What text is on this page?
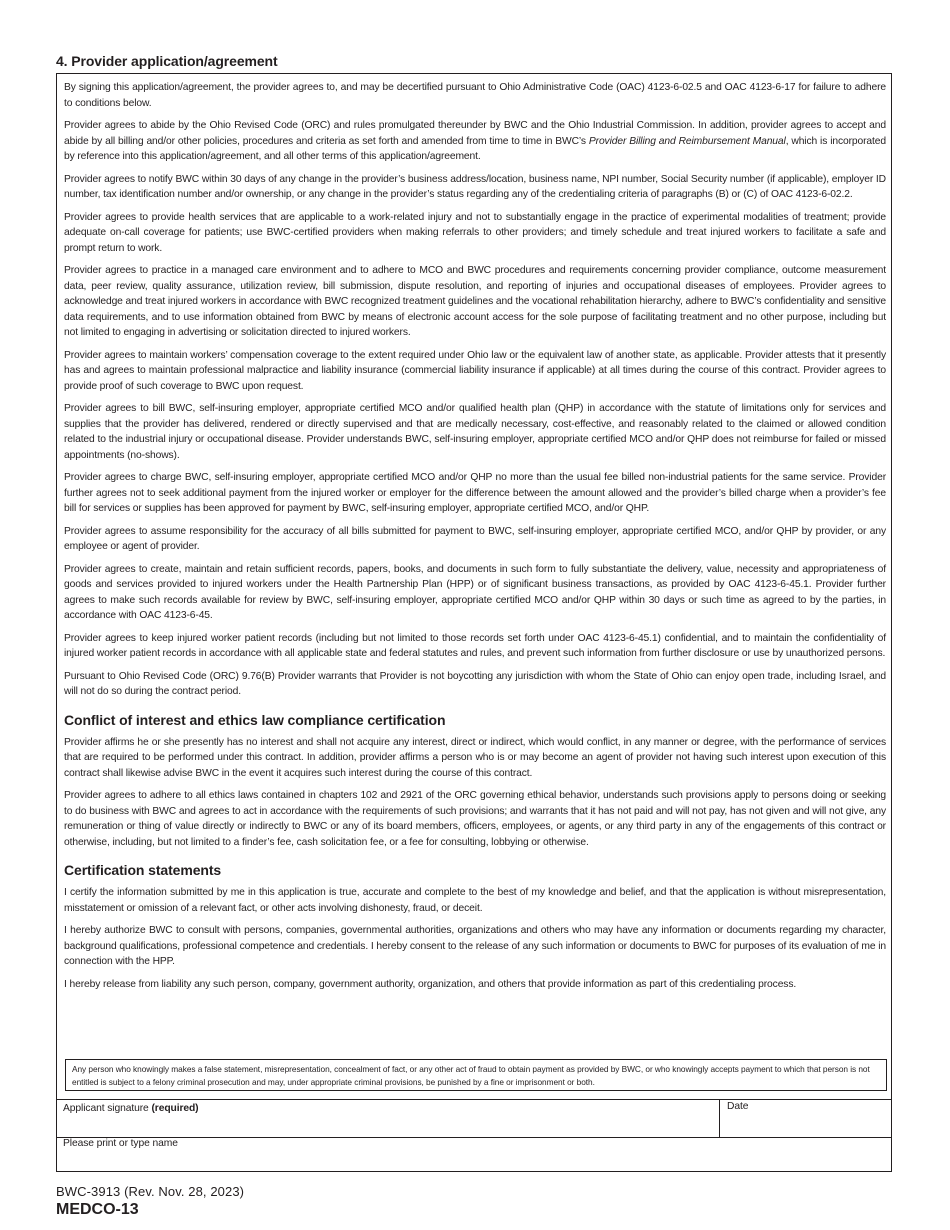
4. Provider application/agreement

By signing this application/agreement, the provider agrees to, and may be decertified pursuant to Ohio Administrative Code (OAC) 4123-6-02.5 and OAC 4123-6-17 for failure to adhere to conditions below.

Provider agrees to abide by the Ohio Revised Code (ORC) and rules promulgated thereunder by BWC and the Ohio Industrial Commission. In addition, provider agrees to accept and abide by all billing and/or other policies, procedures and criteria as set forth and amended from time to time in BWC’s Provider Billing and Reimbursement Manual, which is incorporated by reference into this application/agreement, and all other terms of this application/agreement.

Provider agrees to notify BWC within 30 days of any change in the provider’s business address/location, business name, NPI number, Social Security number (if applicable), employer ID number, tax identification number and/or ownership, or any change in the provider’s status regarding any of the credentialing criteria of paragraphs (B) or (C) of OAC 4123-6-02.2.

Provider agrees to provide health services that are applicable to a work-related injury and not to substantially engage in the practice of experimental modalities of treatment; provide adequate on-call coverage for patients; use BWC-certified providers when making referrals to other providers; and timely schedule and treat injured workers to facilitate a safe and prompt return to work.

Provider agrees to practice in a managed care environment and to adhere to MCO and BWC procedures and requirements concerning provider compliance, outcome measurement data, peer review, quality assurance, utilization review, bill submission, dispute resolution, and reporting of injuries and occupational diseases of employees. Provider agrees to acknowledge and treat injured workers in accordance with BWC recognized treatment guidelines and the vocational rehabilitation hierarchy, adhere to BWC’s confidentiality and sensitive data requirements, and to use information obtained from BWC by means of electronic account access for the sole purpose of facilitating treatment and no other purpose, including but not limited to engaging in advertising or solicitation directed to injured workers.

Provider agrees to maintain workers’ compensation coverage to the extent required under Ohio law or the equivalent law of another state, as applicable. Provider attests that it presently has and agrees to maintain professional malpractice and liability insurance (commercial liability insurance if applicable) at all times during the course of this contract. Provider agrees to provide proof of such coverage to BWC upon request.

Provider agrees to bill BWC, self-insuring employer, appropriate certified MCO and/or qualified health plan (QHP) in accordance with the statute of limitations only for services and supplies that the provider has delivered, rendered or directly supervised and that are medically necessary, cost-effective, and reasonably related to the claimed or allowed condition related to the industrial injury or occupational disease. Provider understands BWC, self-insuring employer, appropriate certified MCO and/or QHP does not reimburse for failed or missed appointments (no-shows).

Provider agrees to charge BWC, self-insuring employer, appropriate certified MCO and/or QHP no more than the usual fee billed non-industrial patients for the same service. Provider further agrees not to seek additional payment from the injured worker or employer for the difference between the amount allowed and the provider’s billed charge when a provider’s fee bill for services or supplies has been approved for payment by BWC, self-insuring employer, appropriate certified MCO, and/or QHP.

Provider agrees to assume responsibility for the accuracy of all bills submitted for payment to BWC, self-insuring employer, appropriate certified MCO, and/or QHP by provider, or any employee or agent of provider.

Provider agrees to create, maintain and retain sufficient records, papers, books, and documents in such form to fully substantiate the delivery, value, necessity and appropriateness of goods and services provided to injured workers under the Health Partnership Plan (HPP) or of significant business transactions, as provided by OAC 4123-6-45.1. Provider further agrees to make such records available for review by BWC, self-insuring employer, appropriate certified MCO and/or QHP within 30 days or such time as agreed to by the parties, in accordance with OAC 4123-6-45.

Provider agrees to keep injured worker patient records (including but not limited to those records set forth under OAC 4123-6-45.1) confidential, and to maintain the confidentiality of injured worker patient records in accordance with all applicable state and federal statutes and rules, and prevent such information from further disclosure or use by unauthorized persons.

Pursuant to Ohio Revised Code (ORC) 9.76(B) Provider warrants that Provider is not boycotting any jurisdiction with whom the State of Ohio can enjoy open trade, including Israel, and will not do so during the contract period.

Conflict of interest and ethics law compliance certification

Provider affirms he or she presently has no interest and shall not acquire any interest, direct or indirect, which would conflict, in any manner or degree, with the performance of services that are required to be performed under this contract. In addition, provider affirms a person who is or may become an agent of provider not having such interest upon execution of this contract shall likewise advise BWC in the event it acquires such interest during the course of this contract.

Provider agrees to adhere to all ethics laws contained in chapters 102 and 2921 of the ORC governing ethical behavior, understands such provisions apply to persons doing or seeking to do business with BWC and agrees to act in accordance with the requirements of such provisions; and warrants that it has not paid and will not pay, has not given and will not give, any remuneration or thing of value directly or indirectly to BWC or any of its board members, officers, employees, or agents, or any third party in any of the engagements of this contract or otherwise, including, but not limited to a finder’s fee, cash solicitation fee, or a fee for consulting, lobbying or otherwise.

Certification statements

I certify the information submitted by me in this application is true, accurate and complete to the best of my knowledge and belief, and that the application is without misrepresentation, misstatement or omission of a relevant fact, or other acts involving dishonesty, fraud, or deceit.

I hereby authorize BWC to consult with persons, companies, governmental authorities, organizations and others who may have any information or documents regarding my character, background qualifications, professional competence and credentials. I hereby consent to the release of any such information or documents to BWC for purposes of its evaluation of me in connection with the HPP.

I hereby release from liability any such person, company, government authority, organization, and others that provide information as part of this credentialing process.

Any person who knowingly makes a false statement, misrepresentation, concealment of fact, or any other act of fraud to obtain payment as provided by BWC, or who knowingly accepts payment to which that person is not entitled is subject to a felony criminal prosecution and may, under appropriate criminal provisions, be punished by a fine or imprisonment or both.
Applicant signature (required)	Date
Please print or type name
BWC-3913 (Rev. Nov. 28, 2023)
MEDCO-13
